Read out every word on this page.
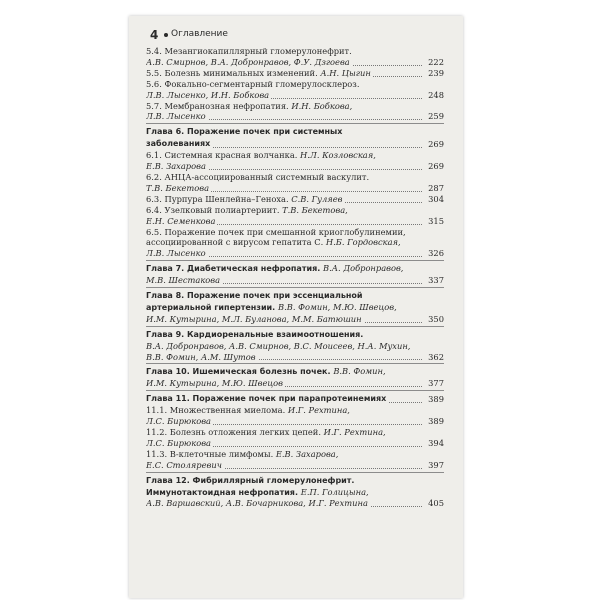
4 Оглавление
5.4. Мезангиокапиллярный гломерулонефрит.
А.В. Смирнов, В.А. Добронравов, Ф.У. Дзгоева	222
5.5. Болезнь минимальных изменений. А.Н. Цыгин	239
5.6. Фокально-сегментарный гломерулосклероз.
Л.В. Лысенко, И.Н. Бобкова	248
5.7. Мембранозная нефропатия. И.Н. Бобкова,
Л.В. Лысенко	259
Глава 6. Поражение почек при системных
заболеваниях	269
6.1. Системная красная волчанка. Н.Л. Козловская,
Е.В. Захарова	269
6.2. АНЦА-ассоциированный системный васкулит.
Т.В. Бекетова	287
6.3. Пурпура Шенлейна–Геноха. С.В. Гуляев	304
6.4. Узелковый полиартериит. Т.В. Бекетова,
Е.Н. Семенкова	315
6.5. Поражение почек при смешанной криоглобулинемии,
ассоциированной с вирусом гепатита С. Н.Б. Гордовская,
Л.В. Лысенко	326
Глава 7. Диабетическая нефропатия. В.А. Добронравов,
М.В. Шестакова	337
Глава 8. Поражение почек при эссенциальной
артериальной гипертензии. В.В. Фомин, М.Ю. Швецов,
И.М. Кутырина, М.Л. Буланова, М.М. Батюшин	350
Глава 9. Кардиоренальные взаимоотношения.
В.А. Добронравов, А.В. Смирнов, В.С. Моисеев, Н.А. Мухин,
В.В. Фомин, А.М. Шутов	362
Глава 10. Ишемическая болезнь почек. В.В. Фомин,
И.М. Кутырина, М.Ю. Швецов	377
Глава 11. Поражение почек при парапротеинемиях	389
11.1. Множественная миелома. И.Г. Рехтина,
Л.С. Бирюкова	389
11.2. Болезнь отложения легких цепей. И.Г. Рехтина,
Л.С. Бирюкова	394
11.3. В-клеточные лимфомы. Е.В. Захарова,
Е.С. Столяревич	397
Глава 12. Фибриллярный гломерулонефрит.
Иммунотактоидная нефропатия. Е.П. Голицына,
А.В. Варшавский, А.В. Бочарникова, И.Г. Рехтина	405
